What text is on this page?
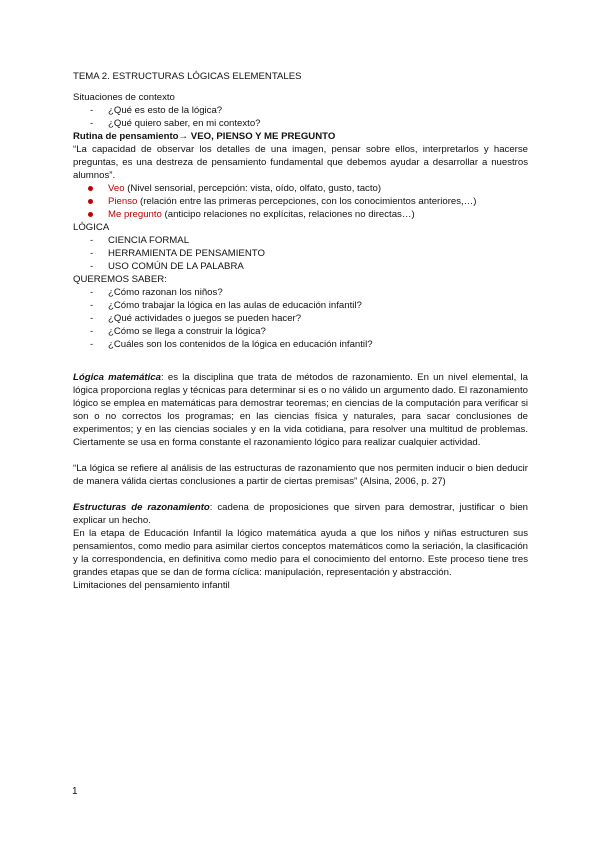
TEMA 2. ESTRUCTURAS LÓGICAS ELEMENTALES

Situaciones de contexto

- ¿Qué es esto de la lógica?
- ¿Qué quiero saber, en mi contexto?

Rutina de pensamiento→ VEO, PIENSO Y ME PREGUNTO

“La capacidad de observar los detalles de una imagen, pensar sobre ellos, interpretarlos y hacerse preguntas, es una destreza de pensamiento fundamental que debemos ayudar a desarrollar a nuestros alumnos”.

Veo (Nivel sensorial, percepción: vista, oído, olfato, gusto, tacto)
Pienso (relación entre las primeras percepciones, con los conocimientos anteriores,…)
Me pregunto (anticipo relaciones no explícitas, relaciones no directas…)

LÓGICA

- CIENCIA FORMAL
- HERRAMIENTA DE PENSAMIENTO
- USO COMÚN DE LA PALABRA

QUEREMOS SABER:

- ¿Cómo razonan los niños?
- ¿Cómo trabajar la lógica en las aulas de educación infantil?
- ¿Qué actividades o juegos se pueden hacer?
- ¿Cómo se llega a construir la lógica?
- ¿Cuáles son los contenidos de la lógica en educación infantil?

Lógica matemática: es la disciplina que trata de métodos de razonamiento. En un nivel elemental, la lógica proporciona reglas y técnicas para determinar si es o no válido un argumento dado. El razonamiento lógico se emplea en matemáticas para demostrar teoremas; en ciencias de la computación para verificar si son o no correctos los programas; en las ciencias física y naturales, para sacar conclusiones de experimentos; y en las ciencias sociales y en la vida cotidiana, para resolver una multitud de problemas. Ciertamente se usa en forma constante el razonamiento lógico para realizar cualquier actividad.

“La lógica se refiere al análisis de las estructuras de razonamiento que nos permiten inducir o bien deducir de manera válida ciertas conclusiones a partir de ciertas premisas” (Alsina, 2006, p. 27)

Estructuras de razonamiento: cadena de proposiciones que sirven para demostrar, justificar o bien explicar un hecho.

En la etapa de Educación Infantil la lógico matemática ayuda a que los niños y niñas estructuren sus pensamientos, como medio para asimilar ciertos conceptos matemáticos como la seriación, la clasificación y la correspondencia, en definitiva como medio para el conocimiento del entorno. Este proceso tiene tres grandes etapas que se dan de forma cíclica: manipulación, representación y abstracción.

Limitaciones del pensamiento infantil

1
